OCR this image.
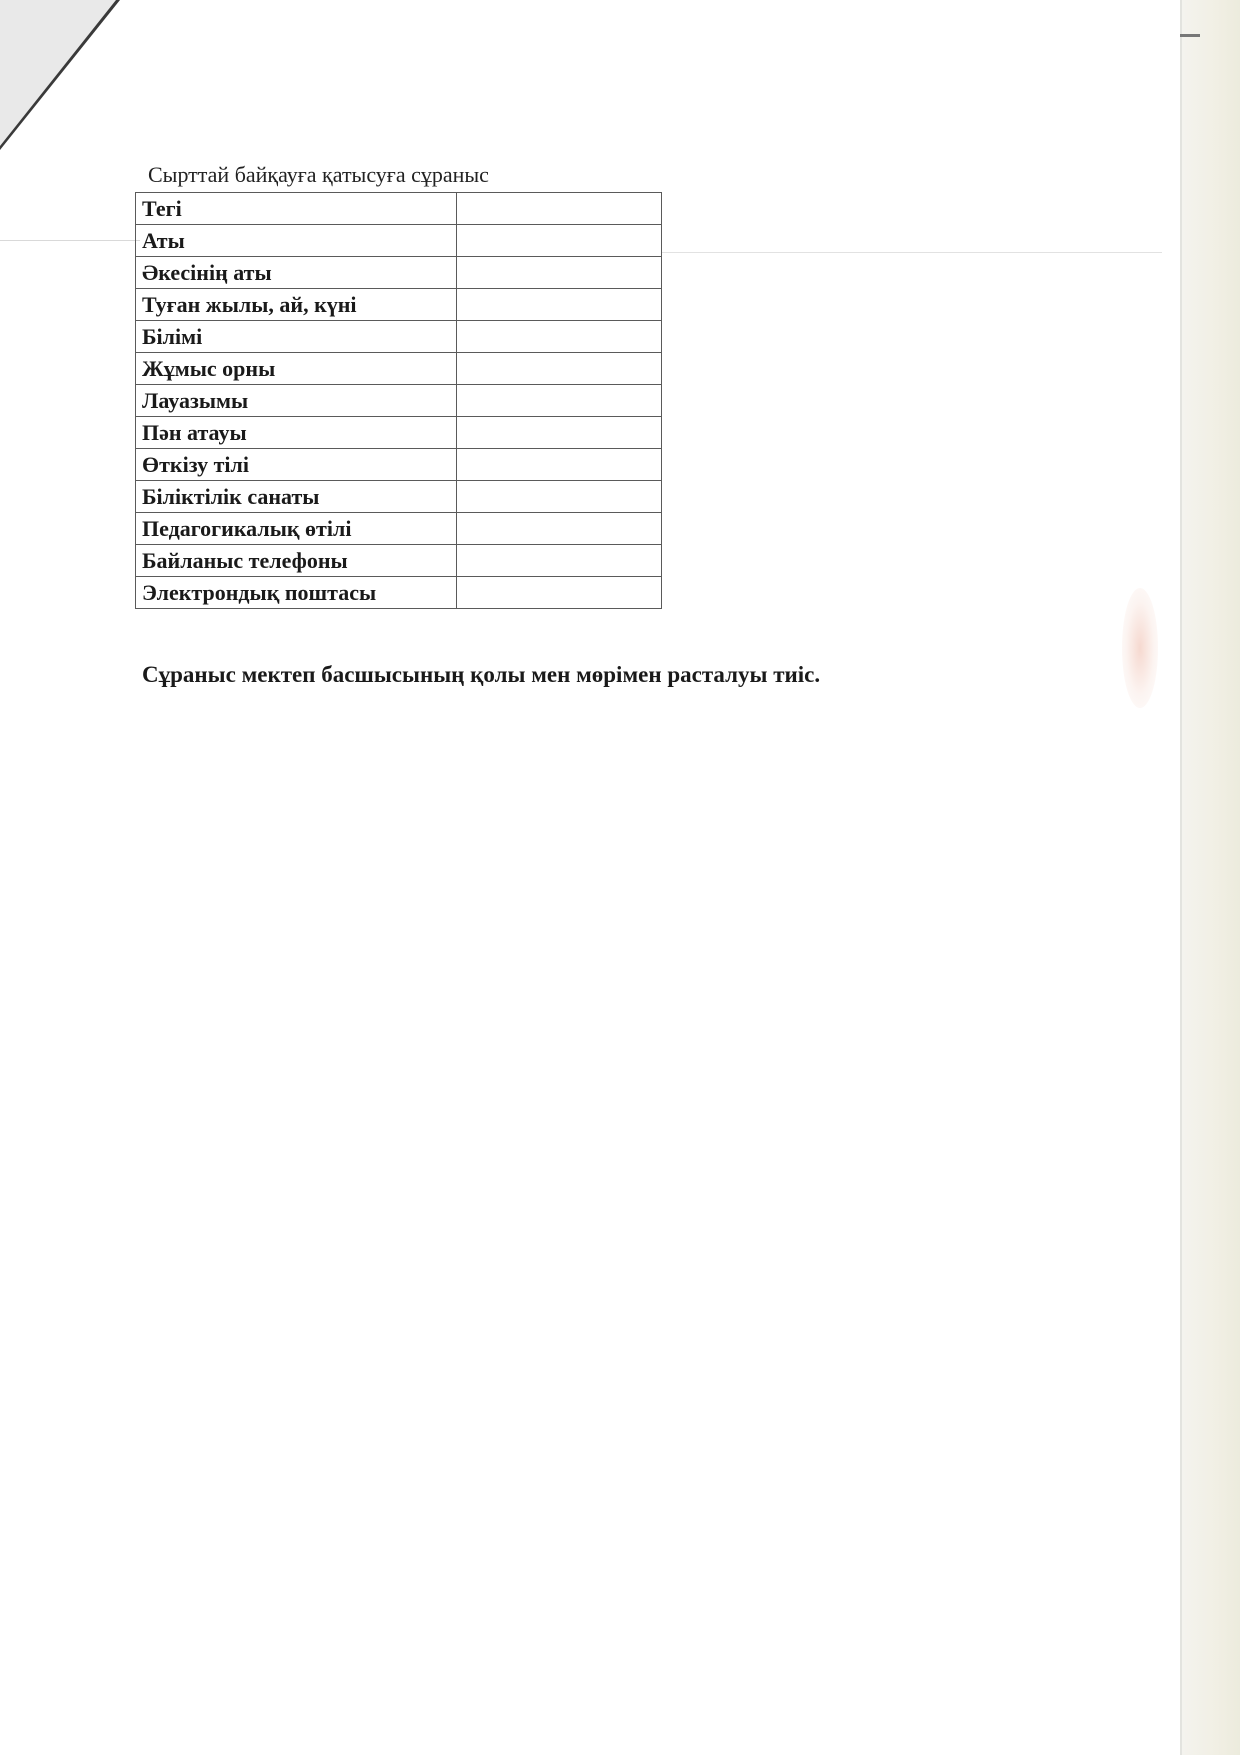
Сырттай байқауға қатысуға сұраныс
Тегі	
Аты	
Әкесінің аты	
Туған жылы, ай, күні	
Білімі	
Жұмыс орны	
Лауазымы	
Пән атауы	
Өткізу тілі	
Біліктілік санаты	
Педагогикалық өтілі	
Байланыс телефоны	
Электрондық поштасы	
Сұраныс мектеп басшысының қолы мен мөрімен расталуы тиіс.
